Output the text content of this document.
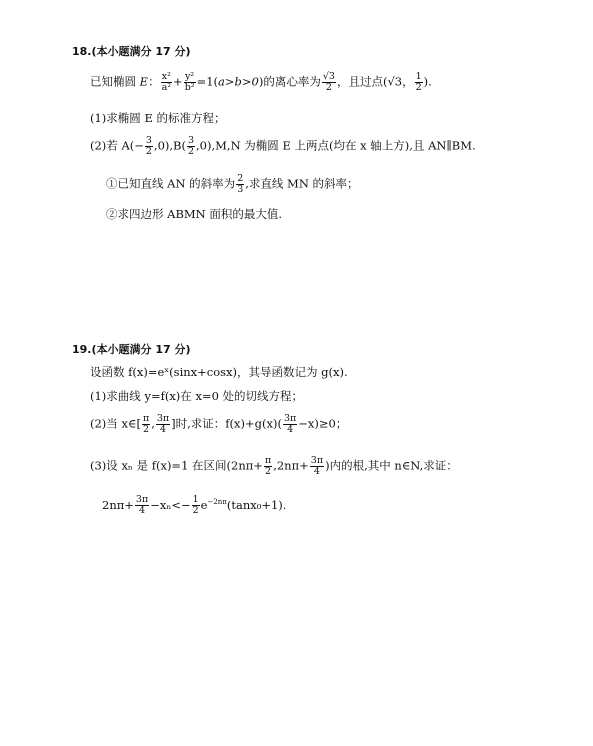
18.(本小题满分 17 分)
已知椭圆 E： $\frac{\text{x²}}{\text{a²}} + \frac{\text{y²}}{\text{b²}} =1(a>b>0)$的离心率为 $\frac{√3}{2}$ ，且过点(√3， $\frac{1}{2}$ ).
(1)求椭圆 E 的标准方程；
(2)若 $A(- \frac{3}{2} ,0),B( \frac{3}{2} ,0),M,N$ 为椭圆 E 上两点(均在 x 轴上方),且 AN∥BM.
①已知直线 AN 的斜率为 $\frac{2}{3}$ ,求直线 MN 的斜率；
②求四边形 ABMN 面积的最大值.
19.(本小题满分 17 分)
设函数 f(x)=eˣ(sinx+cosx)，其导函数记为 g(x).
(1)求曲线 y=f(x)在 x=0 处的切线方程；
(2)当 x∈[ $\frac{\pi}{2}$ , $\frac{3\pi}{4}$ ]时,求证：$f(x)+g(x)( \frac{3\pi}{4} -x)\ge 0$；
(3)设 xₙ 是 f(x)=1 在区间($2n\pi+ \frac{\pi}{2} ,2n\pi+ \frac{3\pi}{4}$ )内的根,其中 n∈N,求证：
$2n\pi+ \frac{3\pi}{4} -x_n<- \frac{1}{2} e^{-2n\pi}(\tan x_0+1)$.
